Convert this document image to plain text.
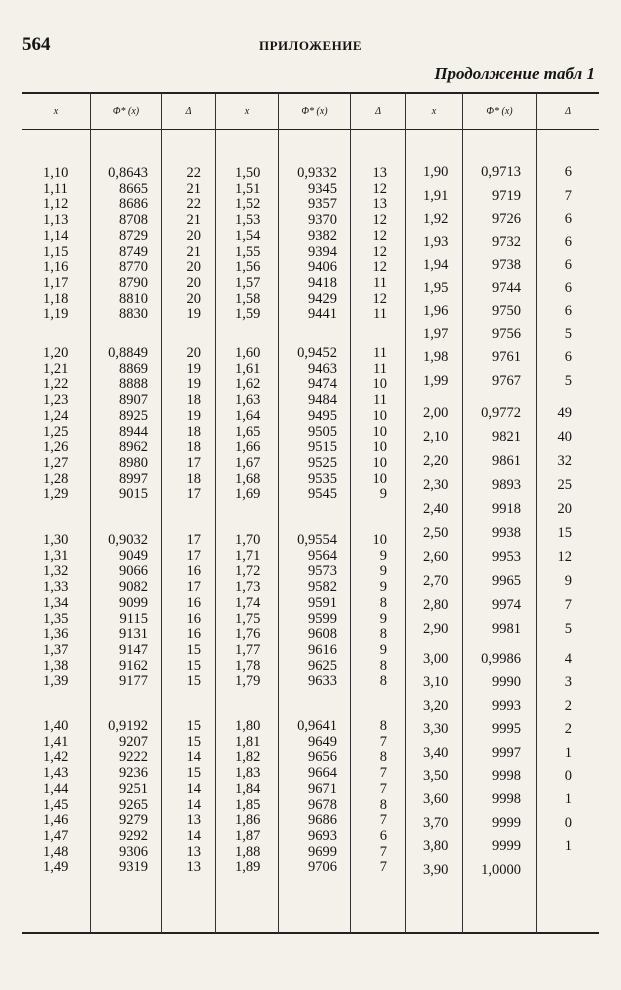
564	ПРИЛОЖЕНИЕ
Продолжение табл 1
x	Φ* (x)	Δ	x	Φ* (x)	Δ	x	Φ* (x)	Δ
1,10	0,8643	22
1,11	8665	21
1,12	8686	22
1,13	8708	21
1,14	8729	20
1,15	8749	21
1,16	8770	20
1,17	8790	20
1,18	8810	20
1,19	8830	19
1,20	0,8849	20
1,21	8869	19
1,22	8888	19
1,23	8907	18
1,24	8925	19
1,25	8944	18
1,26	8962	18
1,27	8980	17
1,28	8997	18
1,29	9015	17
1,30	0,9032	17
1,31	9049	17
1,32	9066	16
1,33	9082	17
1,34	9099	16
1,35	9115	16
1,36	9131	16
1,37	9147	15
1,38	9162	15
1,39	9177	15
1,40	0,9192	15
1,41	9207	15
1,42	9222	14
1,43	9236	15
1,44	9251	14
1,45	9265	14
1,46	9279	13
1,47	9292	14
1,48	9306	13
1,49	9319	13
1,50	0,9332	13
1,51	9345	12
1,52	9357	13
1,53	9370	12
1,54	9382	12
1,55	9394	12
1,56	9406	12
1,57	9418	11
1,58	9429	12
1,59	9441	11
1,60	0,9452	11
1,61	9463	11
1,62	9474	10
1,63	9484	11
1,64	9495	10
1,65	9505	10
1,66	9515	10
1,67	9525	10
1,68	9535	10
1,69	9545	9
1,70	0,9554	10
1,71	9564	9
1,72	9573	9
1,73	9582	9
1,74	9591	8
1,75	9599	9
1,76	9608	8
1,77	9616	9
1,78	9625	8
1,79	9633	8
1,80	0,9641	8
1,81	9649	7
1,82	9656	8
1,83	9664	7
1,84	9671	7
1,85	9678	8
1,86	9686	7
1,87	9693	6
1,88	9699	7
1,89	9706	7
1,90	0,9713	6
1,91	9719	7
1,92	9726	6
1,93	9732	6
1,94	9738	6
1,95	9744	6
1,96	9750	6
1,97	9756	5
1,98	9761	6
1,99	9767	5
2,00	0,9772	49
2,10	9821	40
2,20	9861	32
2,30	9893	25
2,40	9918	20
2,50	9938	15
2,60	9953	12
2,70	9965	9
2,80	9974	7
2,90	9981	5
3,00	0,9986	4
3,10	9990	3
3,20	9993	2
3,30	9995	2
3,40	9997	1
3,50	9998	0
3,60	9998	1
3,70	9999	0
3,80	9999	1
3,90	1,0000
